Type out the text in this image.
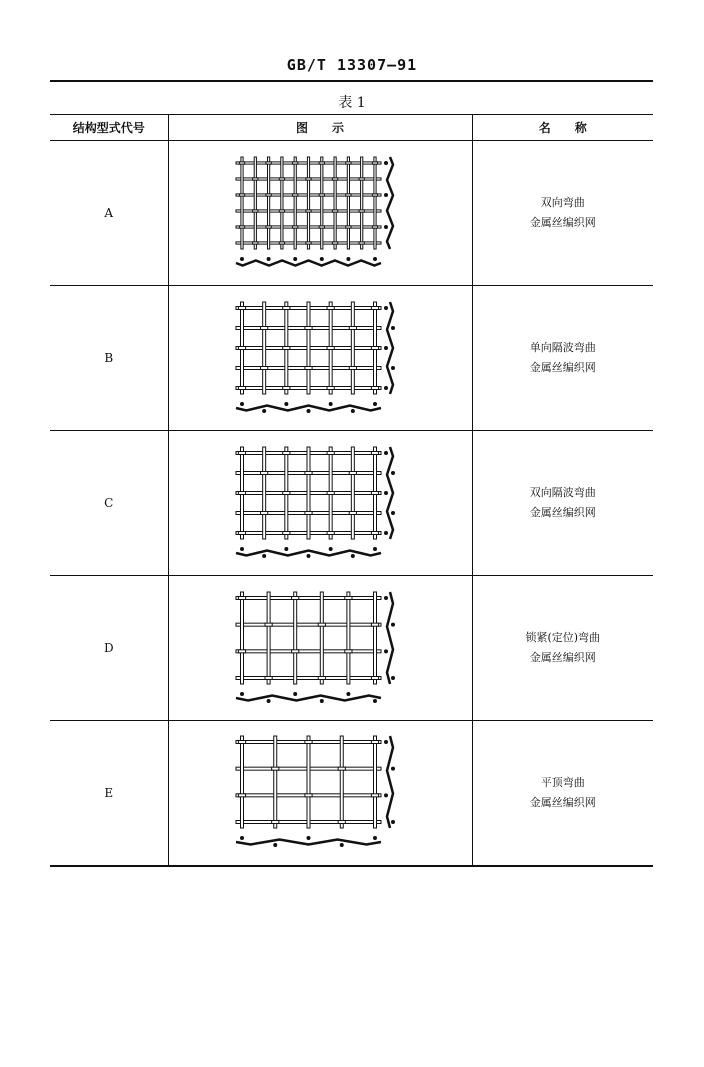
GB/T 13307—91
表 1
结构型式代号	图　　示	名　　称
A		双向弯曲
金属丝编织网

B		单向隔波弯曲
金属丝编织网

C		双向隔波弯曲
金属丝编织网

D		锁紧(定位)弯曲
金属丝编织网

E		平顶弯曲
金属丝编织网
